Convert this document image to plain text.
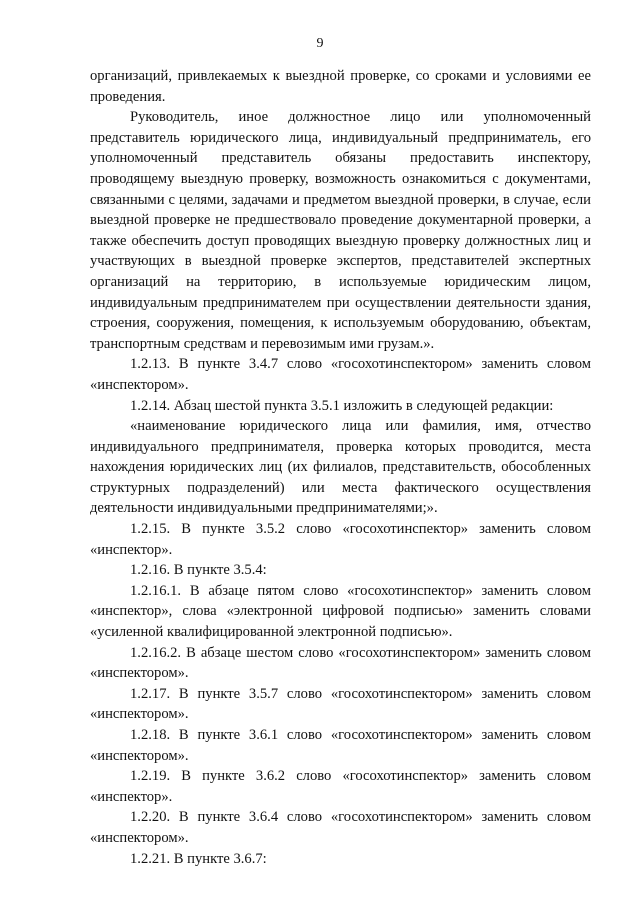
9

организаций, привлекаемых к выездной проверке, со сроками и условиями ее проведения.

Руководитель, иное должностное лицо или уполномоченный представитель юридического лица, индивидуальный предприниматель, его уполномоченный представитель обязаны предоставить инспектору, проводящему выездную проверку, возможность ознакомиться с документами, связанными с целями, задачами и предметом выездной проверки, в случае, если выездной проверке не предшествовало проведение документарной проверки, а также обеспечить доступ проводящих выездную проверку должностных лиц и участвующих в выездной проверке экспертов, представителей экспертных организаций на территорию, в используемые юридическим лицом, индивидуальным предпринимателем при осуществлении деятельности здания, строения, сооружения, помещения, к используемым оборудованию, объектам, транспортным средствам и перевозимым ими грузам.».

1.2.13. В пункте 3.4.7 слово «госохотинспектором» заменить словом «инспектором».

1.2.14. Абзац шестой пункта 3.5.1 изложить в следующей редакции:

«наименование юридического лица или фамилия, имя, отчество индивидуального предпринимателя, проверка которых проводится, места нахождения юридических лиц (их филиалов, представительств, обособленных структурных подразделений) или места фактического осуществления деятельности индивидуальными предпринимателями;».

1.2.15. В пункте 3.5.2 слово «госохотинспектор» заменить словом «инспектор».

1.2.16. В пункте 3.5.4:

1.2.16.1. В абзаце пятом слово «госохотинспектор» заменить словом «инспектор», слова «электронной цифровой подписью» заменить словами «усиленной квалифицированной электронной подписью».

1.2.16.2. В абзаце шестом слово «госохотинспектором» заменить словом «инспектором».

1.2.17. В пункте 3.5.7 слово «госохотинспектором» заменить словом «инспектором».

1.2.18. В пункте 3.6.1 слово «госохотинспектором» заменить словом «инспектором».

1.2.19. В пункте 3.6.2 слово «госохотинспектор» заменить словом «инспектор».

1.2.20. В пункте 3.6.4 слово «госохотинспектором» заменить словом «инспектором».

1.2.21. В пункте 3.6.7:
